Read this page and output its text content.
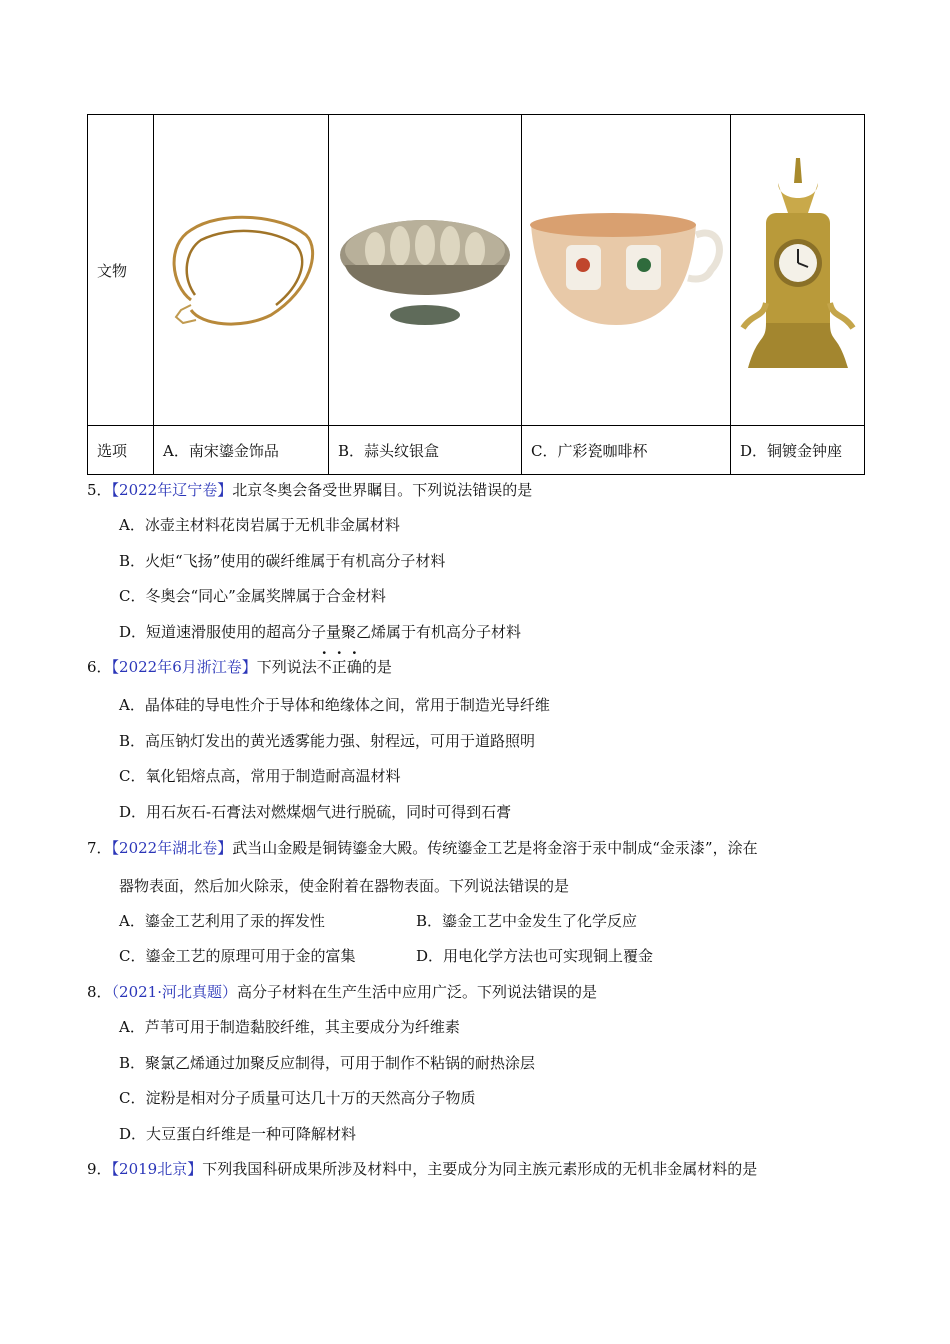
文物	

选项	A．南宋鎏金饰品	B．蒜头纹银盒	C．广彩瓷咖啡杯	D．铜镀金钟座
5．【2022年辽宁卷】北京冬奥会备受世界瞩目。下列说法错误的是
A．冰壶主材料花岗岩属于无机非金属材料
B．火炬“飞扬”使用的碳纤维属于有机高分子材料
C．冬奥会“同心”金属奖牌属于合金材料
D．短道速滑服使用的超高分子量聚乙烯属于有机高分子材料
6．【2022年6月浙江卷】下列说法不正确的是
A．晶体硅的导电性介于导体和绝缘体之间，常用于制造光导纤维
B．高压钠灯发出的黄光透雾能力强、射程远，可用于道路照明
C．氧化铝熔点高，常用于制造耐高温材料
D．用石灰石-石膏法对燃煤烟气进行脱硫，同时可得到石膏
7．【2022年湖北卷】武当山金殿是铜铸鎏金大殿。传统鎏金工艺是将金溶于汞中制成“金汞漆”，涂在
器物表面，然后加火除汞，使金附着在器物表面。下列说法错误的是
A．鎏金工艺利用了汞的挥发性	B．鎏金工艺中金发生了化学反应
C．鎏金工艺的原理可用于金的富集	D．用电化学方法也可实现铜上覆金
8．（2021·河北真题）高分子材料在生产生活中应用广泛。下列说法错误的是
A．芦苇可用于制造黏胶纤维，其主要成分为纤维素
B．聚氯乙烯通过加聚反应制得，可用于制作不粘锅的耐热涂层
C．淀粉是相对分子质量可达几十万的天然高分子物质
D．大豆蛋白纤维是一种可降解材料
9．【2019北京】下列我国科研成果所涉及材料中，主要成分为同主族元素形成的无机非金属材料的是
